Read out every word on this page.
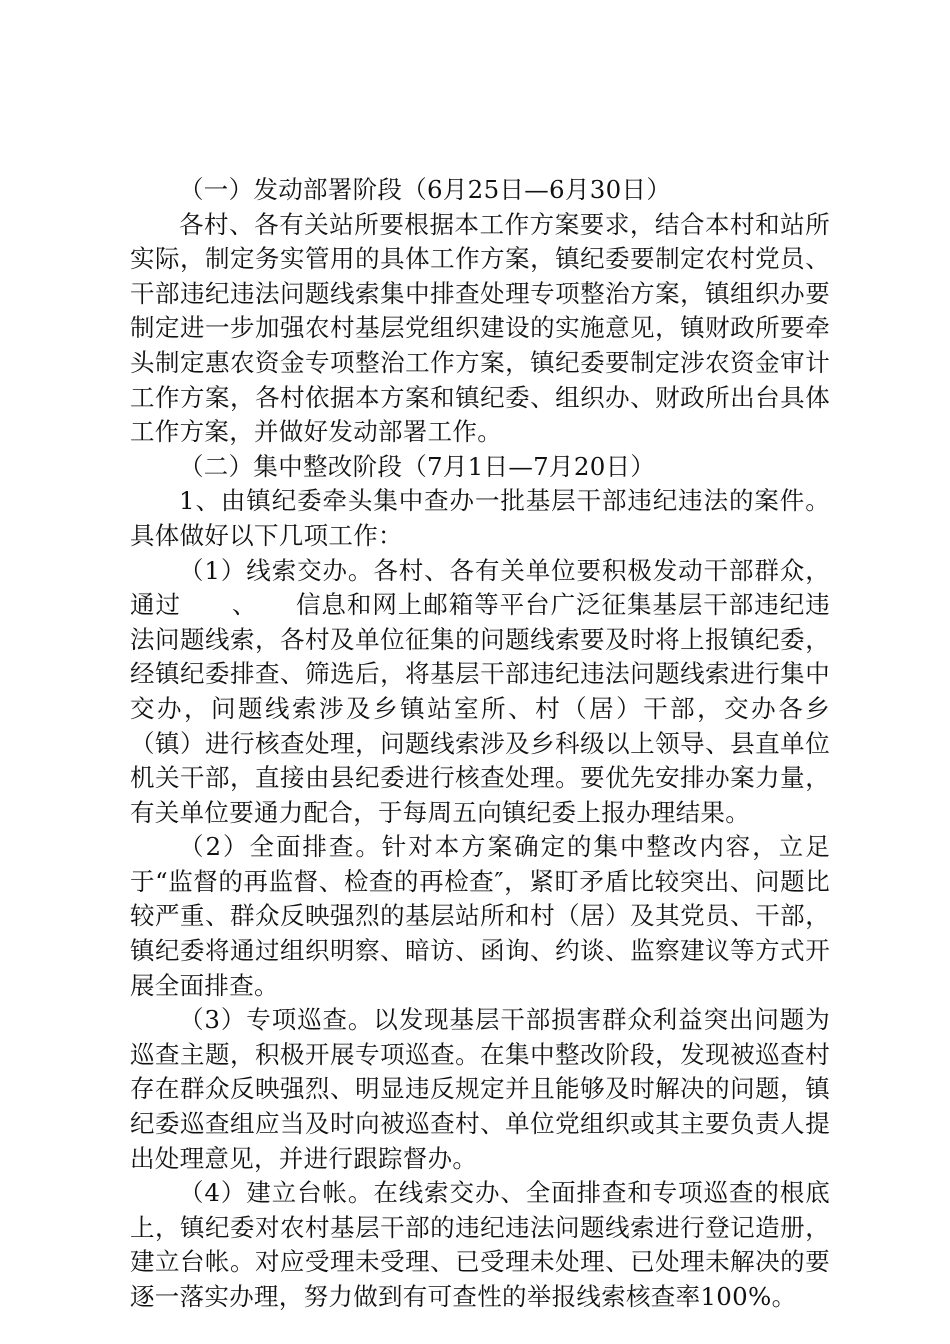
（一）发动部署阶段（6月25日—6月30日）

各村、各有关站所要根据本工作方案要求，结合本村和站所实际，制定务实管用的具体工作方案，镇纪委要制定农村党员、干部违纪违法问题线索集中排查处理专项整治方案，镇组织办要制定进一步加强农村基层党组织建设的实施意见，镇财政所要牵头制定惠农资金专项整治工作方案，镇纪委要制定涉农资金审计工作方案，各村依据本方案和镇纪委、组织办、财政所出台具体工作方案，并做好发动部署工作。

（二）集中整改阶段（7月1日—7月20日）

1、由镇纪委牵头集中查办一批基层干部违纪违法的案件。具体做好以下几项工作：

（1）线索交办。各村、各有关单位要积极发动干部群众，通过　　、　　信息和网上邮箱等平台广泛征集基层干部违纪违法问题线索，各村及单位征集的问题线索要及时将上报镇纪委，经镇纪委排查、筛选后，将基层干部违纪违法问题线索进行集中交办，问题线索涉及乡镇站室所、村（居）干部，交办各乡（镇）进行核查处理，问题线索涉及乡科级以上领导、县直单位机关干部，直接由县纪委进行核查处理。要优先安排办案力量，有关单位要通力配合，于每周五向镇纪委上报办理结果。

（2）全面排查。针对本方案确定的集中整改内容，立足于“监督的再监督、检查的再检查″，紧盯矛盾比较突出、问题比较严重、群众反映强烈的基层站所和村（居）及其党员、干部，镇纪委将通过组织明察、暗访、函询、约谈、监察建议等方式开展全面排查。

（3）专项巡查。以发现基层干部损害群众利益突出问题为巡查主题，积极开展专项巡查。在集中整改阶段，发现被巡查村存在群众反映强烈、明显违反规定并且能够及时解决的问题，镇纪委巡查组应当及时向被巡查村、单位党组织或其主要负责人提出处理意见，并进行跟踪督办。

（4）建立台帐。在线索交办、全面排查和专项巡查的根底上，镇纪委对农村基层干部的违纪违法问题线索进行登记造册，建立台帐。对应受理未受理、已受理未处理、已处理未解决的要逐一落实办理，努力做到有可查性的举报线索核查率100%。
